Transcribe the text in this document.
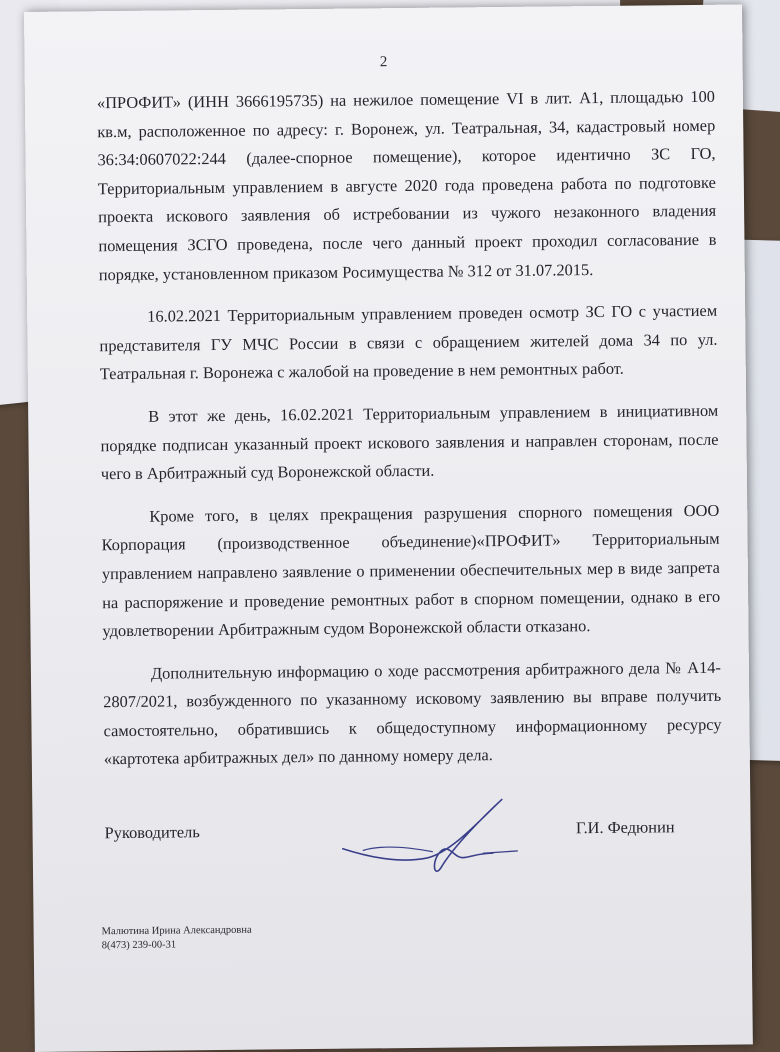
2

«ПРОФИТ» (ИНН 3666195735) на нежилое помещение VI в лит. А1, площадью 100 кв.м, расположенное по адресу: г. Воронеж, ул. Театральная, 34, кадастровый номер 36:34:0607022:244 (далее-спорное помещение), которое идентично ЗС ГО, Территориальным управлением в августе 2020 года проведена работа по подготовке проекта искового заявления об истребовании из чужого незаконного владения помещения ЗСГО проведена, после чего данный проект проходил согласование в порядке, установленном приказом Росимущества № 312 от 31.07.2015.

16.02.2021 Территориальным управлением проведен осмотр ЗС ГО с участием представителя ГУ МЧС России в связи с обращением жителей дома 34 по ул. Театральная г. Воронежа с жалобой на проведение в нем ремонтных работ.

В этот же день, 16.02.2021 Территориальным управлением в инициативном порядке подписан указанный проект искового заявления и направлен сторонам, после чего в Арбитражный суд Воронежской области.

Кроме того, в целях прекращения разрушения спорного помещения ООО Корпорация (производственное объединение)«ПРОФИТ» Территориальным управлением направлено заявление о применении обеспечительных мер в виде запрета на распоряжение и проведение ремонтных работ в спорном помещении, однако в его удовлетворении Арбитражным судом Воронежской области отказано.

Дополнительную информацию о ходе рассмотрения арбитражного дела № А14-2807/2021, возбужденного по указанному исковому заявлению вы вправе получить самостоятельно, обратившись к общедоступному информационному ресурсу «картотека арбитражных дел» по данному номеру дела.

Руководитель	Г.И. Федюнин
Малютина Ирина Александровна
8(473) 239-00-31
